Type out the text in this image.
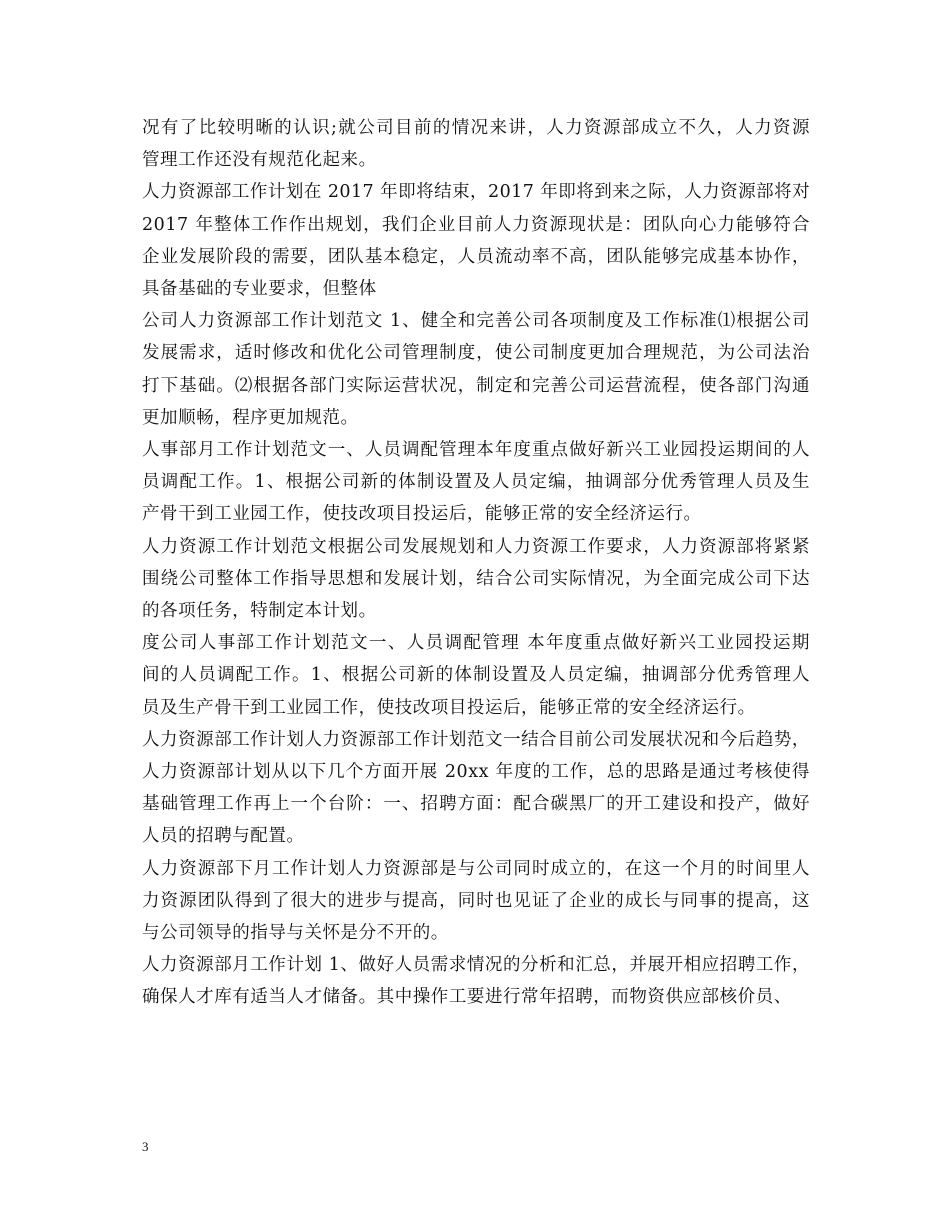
况有了比较明晰的认识;就公司目前的情况来讲，人力资源部成立不久，人力资源
管理工作还没有规范化起来。
人力资源部工作计划在 2017 年即将结束，2017 年即将到来之际，人力资源部将对
2017 年整体工作作出规划，我们企业目前人力资源现状是：团队向心力能够符合
企业发展阶段的需要，团队基本稳定，人员流动率不高，团队能够完成基本协作，
具备基础的专业要求，但整体
公司人力资源部工作计划范文 1、健全和完善公司各项制度及工作标准⑴根据公司
发展需求，适时修改和优化公司管理制度，使公司制度更加合理规范，为公司法治
打下基础。⑵根据各部门实际运营状况，制定和完善公司运营流程，使各部门沟通
更加顺畅，程序更加规范。
人事部月工作计划范文一、人员调配管理本年度重点做好新兴工业园投运期间的人
员调配工作。1、根据公司新的体制设置及人员定编，抽调部分优秀管理人员及生
产骨干到工业园工作，使技改项目投运后，能够正常的安全经济运行。
人力资源工作计划范文根据公司发展规划和人力资源工作要求，人力资源部将紧紧
围绕公司整体工作指导思想和发展计划，结合公司实际情况，为全面完成公司下达
的各项任务，特制定本计划。
度公司人事部工作计划范文一、人员调配管理 本年度重点做好新兴工业园投运期
间的人员调配工作。1、根据公司新的体制设置及人员定编，抽调部分优秀管理人
员及生产骨干到工业园工作，使技改项目投运后，能够正常的安全经济运行。
人力资源部工作计划人力资源部工作计划范文一结合目前公司发展状况和今后趋势，
人力资源部计划从以下几个方面开展 20xx 年度的工作，总的思路是通过考核使得
基础管理工作再上一个台阶：一、招聘方面：配合碳黑厂的开工建设和投产，做好
人员的招聘与配置。
人力资源部下月工作计划人力资源部是与公司同时成立的，在这一个月的时间里人
力资源团队得到了很大的进步与提高，同时也见证了企业的成长与同事的提高，这
与公司领导的指导与关怀是分不开的。
人力资源部月工作计划 1、做好人员需求情况的分析和汇总，并展开相应招聘工作，
确保人才库有适当人才储备。其中操作工要进行常年招聘，而物资供应部核价员、
3
